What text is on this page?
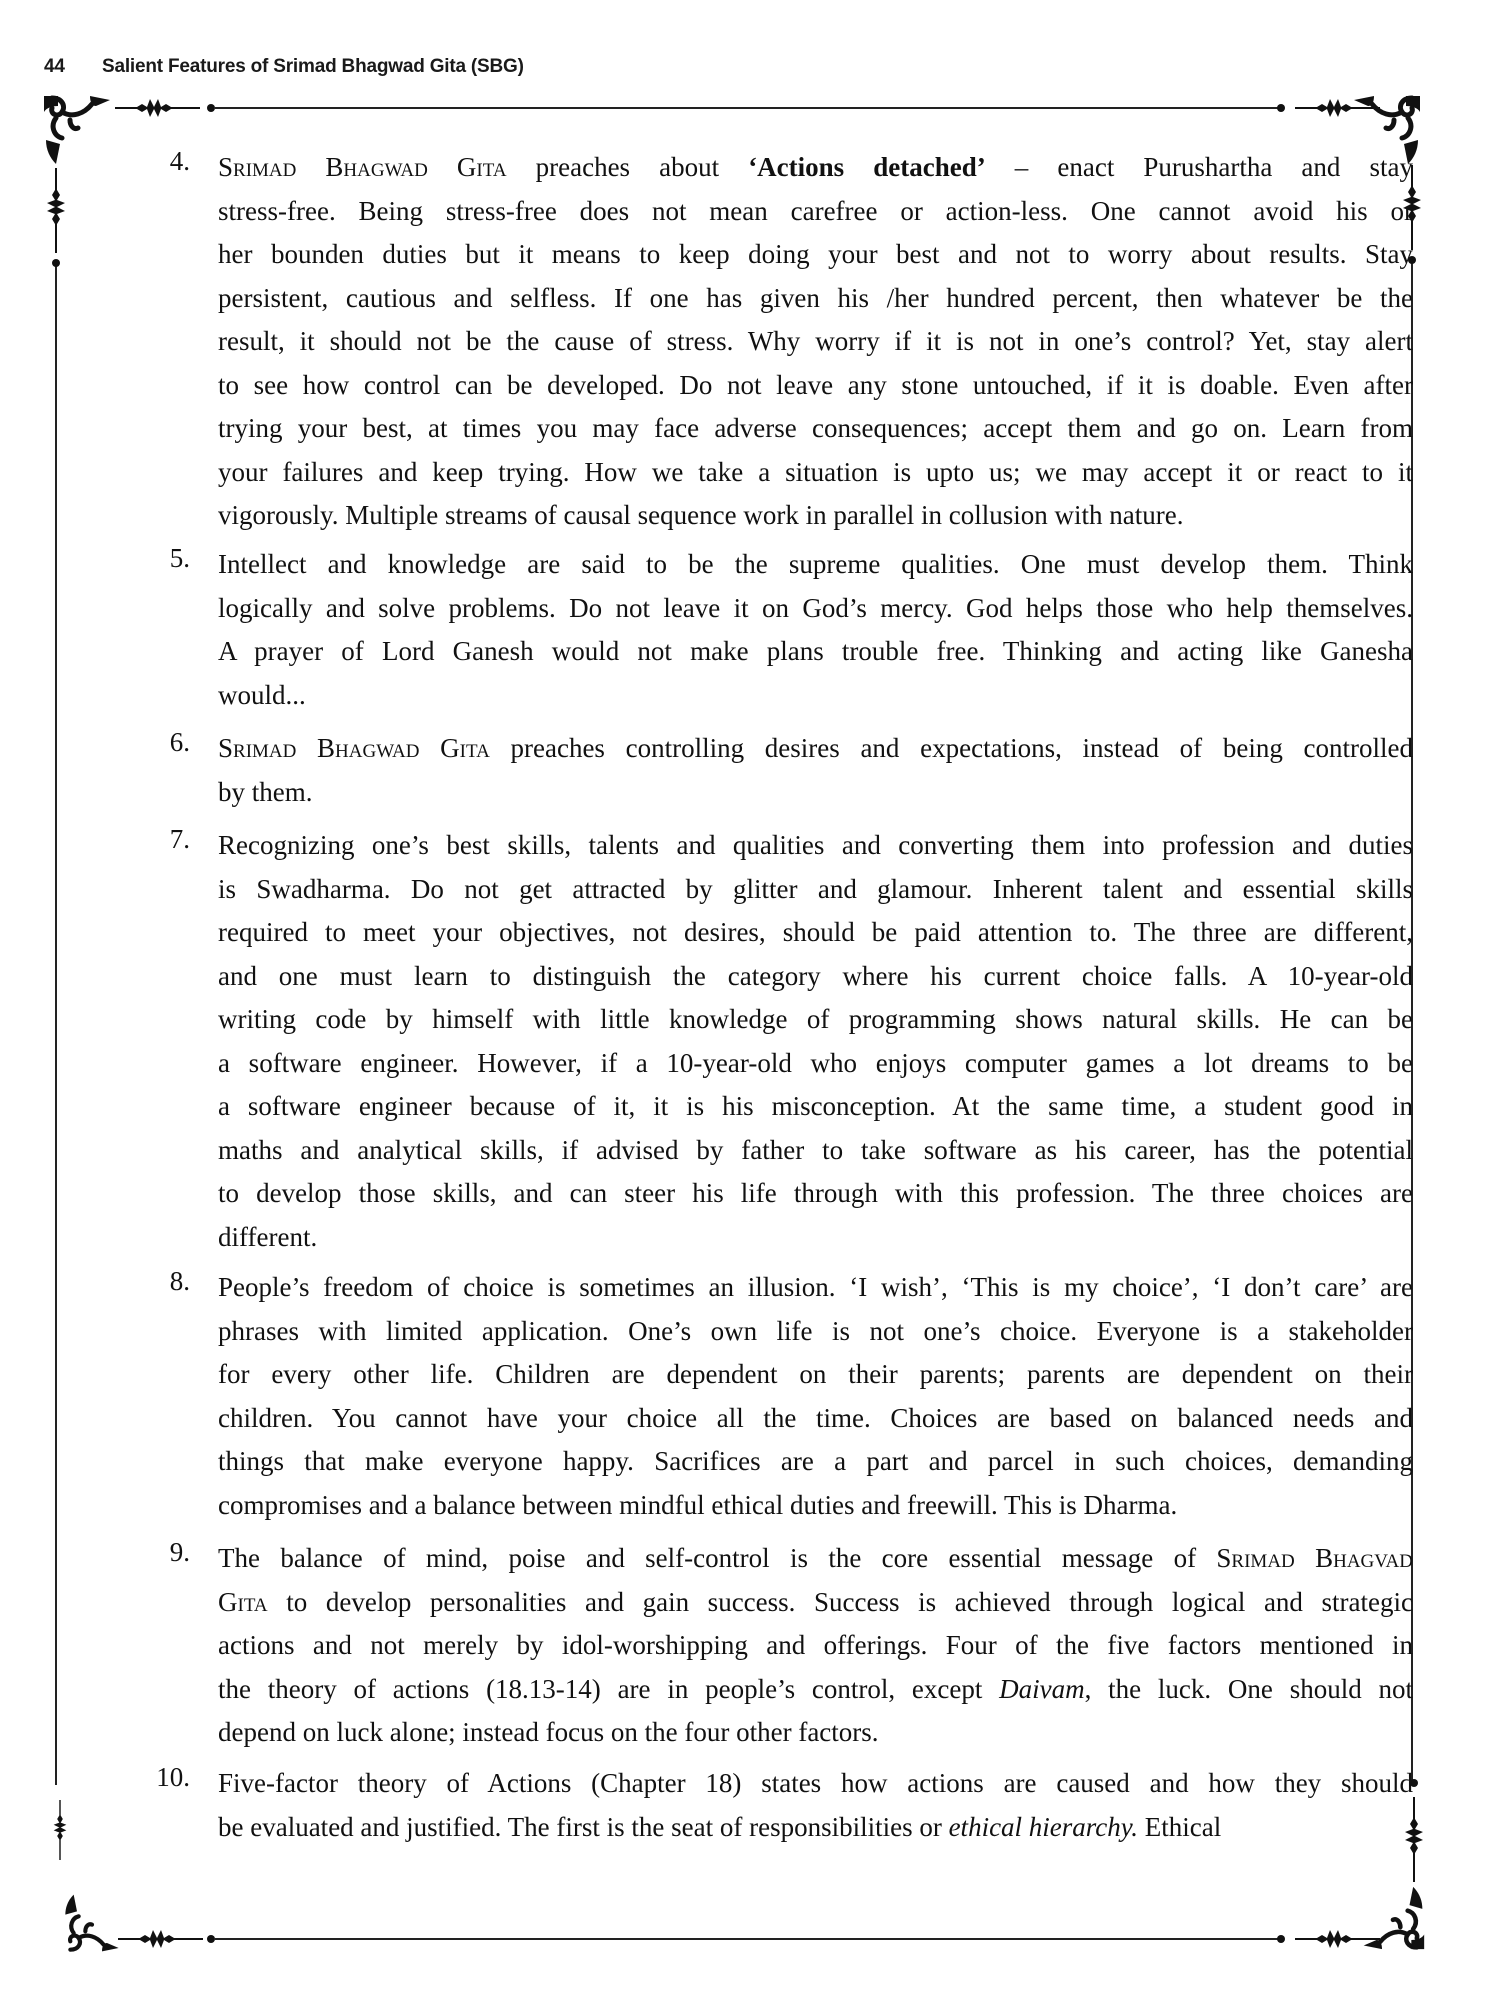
44 Salient Features of Srimad Bhagwad Gita (SBG)
4. Srimad Bhagwad Gita preaches about ‘Actions detached’ – enact Purushartha and stay
stress-free. Being stress-free does not mean carefree or action-less. One cannot avoid his or
her bounden duties but it means to keep doing your best and not to worry about results. Stay
persistent, cautious and selfless. If one has given his /her hundred percent, then whatever be the
result, it should not be the cause of stress. Why worry if it is not in one’s control? Yet, stay alert
to see how control can be developed. Do not leave any stone untouched, if it is doable. Even after
trying your best, at times you may face adverse consequences; accept them and go on. Learn from
your failures and keep trying. How we take a situation is upto us; we may accept it or react to it
vigorously. Multiple streams of causal sequence work in parallel in collusion with nature.
5. Intellect and knowledge are said to be the supreme qualities. One must develop them. Think
logically and solve problems. Do not leave it on God’s mercy. God helps those who help themselves.
A prayer of Lord Ganesh would not make plans trouble free. Thinking and acting like Ganesha
would...
6. Srimad Bhagwad Gita preaches controlling desires and expectations, instead of being controlled
by them.
7. Recognizing one’s best skills, talents and qualities and converting them into profession and duties
is Swadharma. Do not get attracted by glitter and glamour. Inherent talent and essential skills
required to meet your objectives, not desires, should be paid attention to. The three are different,
and one must learn to distinguish the category where his current choice falls. A 10-year-old
writing code by himself with little knowledge of programming shows natural skills. He can be
a software engineer. However, if a 10-year-old who enjoys computer games a lot dreams to be
a software engineer because of it, it is his misconception. At the same time, a student good in
maths and analytical skills, if advised by father to take software as his career, has the potential
to develop those skills, and can steer his life through with this profession. The three choices are
different.
8. People’s freedom of choice is sometimes an illusion. ‘I wish’, ‘This is my choice’, ‘I don’t care’ are
phrases with limited application. One’s own life is not one’s choice. Everyone is a stakeholder
for every other life. Children are dependent on their parents; parents are dependent on their
children. You cannot have your choice all the time. Choices are based on balanced needs and
things that make everyone happy. Sacrifices are a part and parcel in such choices, demanding
compromises and a balance between mindful ethical duties and freewill. This is Dharma.
9. The balance of mind, poise and self-control is the core essential message of Srimad Bhagvad
Gita to develop personalities and gain success. Success is achieved through logical and strategic
actions and not merely by idol-worshipping and offerings. Four of the five factors mentioned in
the theory of actions (18.13-14) are in people’s control, except Daivam, the luck. One should not
depend on luck alone; instead focus on the four other factors.
10. Five-factor theory of Actions (Chapter 18) states how actions are caused and how they should
be evaluated and justified. The first is the seat of responsibilities or ethical hierarchy. Ethical
